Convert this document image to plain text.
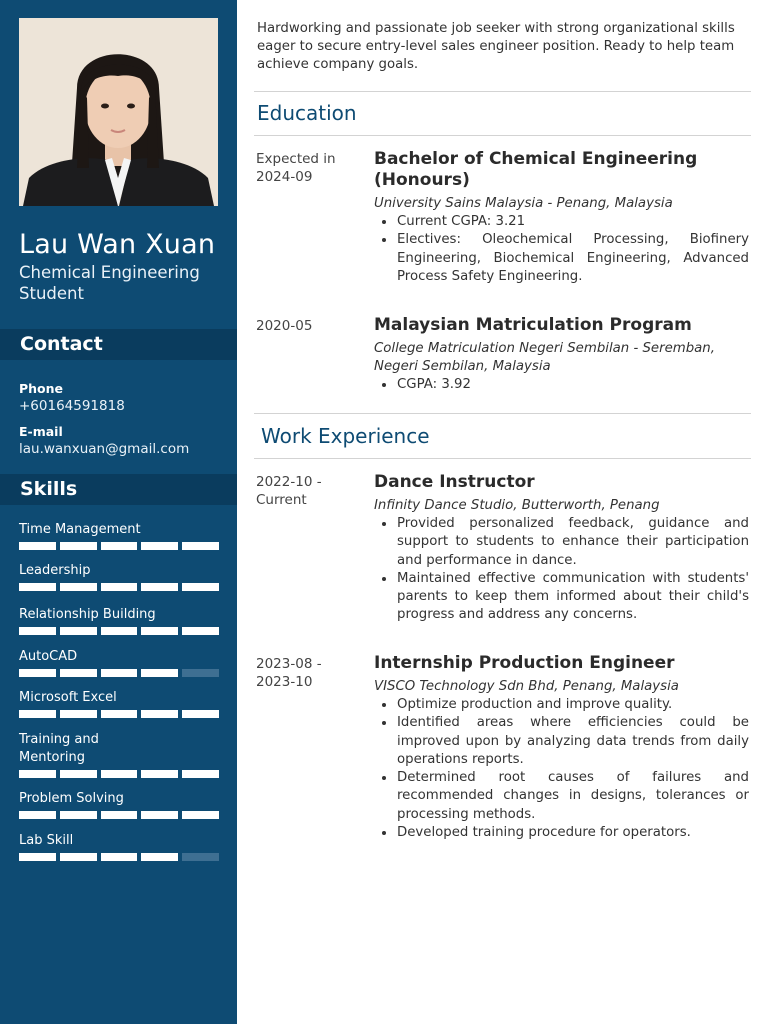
Lau Wan Xuan
Chemical Engineering Student
Contact
Phone
+60164591818
E-mail
lau.wanxuan@gmail.com
Skills
Time Management
Leadership
Relationship Building
AutoCAD
Microsoft Excel
Training and Mentoring
Problem Solving
Lab Skill
Hardworking and passionate job seeker with strong organizational skills eager to secure entry-level sales engineer position. Ready to help team achieve company goals.
Education
Expected in 2024-09
Bachelor of Chemical Engineering (Honours)
University Sains Malaysia - Penang, Malaysia
Current CGPA: 3.21
Electives: Oleochemical Processing, Biofinery Engineering, Biochemical Engineering, Advanced Process Safety Engineering.
2020-05	Malaysian Matriculation Program
College Matriculation Negeri Sembilan - Seremban, Negeri Sembilan, Malaysia
CGPA: 3.92
Work Experience
2022-10 - Current
Dance Instructor
Infinity Dance Studio, Butterworth, Penang
Provided personalized feedback, guidance and support to students to enhance their participation and performance in dance.
Maintained effective communication with students' parents to keep them informed about their child's progress and address any concerns.
2023-08 - 2023-10
Internship Production Engineer
VISCO Technology Sdn Bhd, Penang, Malaysia
Optimize production and improve quality.
Identified areas where efficiencies could be improved upon by analyzing data trends from daily operations reports.
Determined root causes of failures and recommended changes in designs, tolerances or processing methods.
Developed training procedure for operators.
